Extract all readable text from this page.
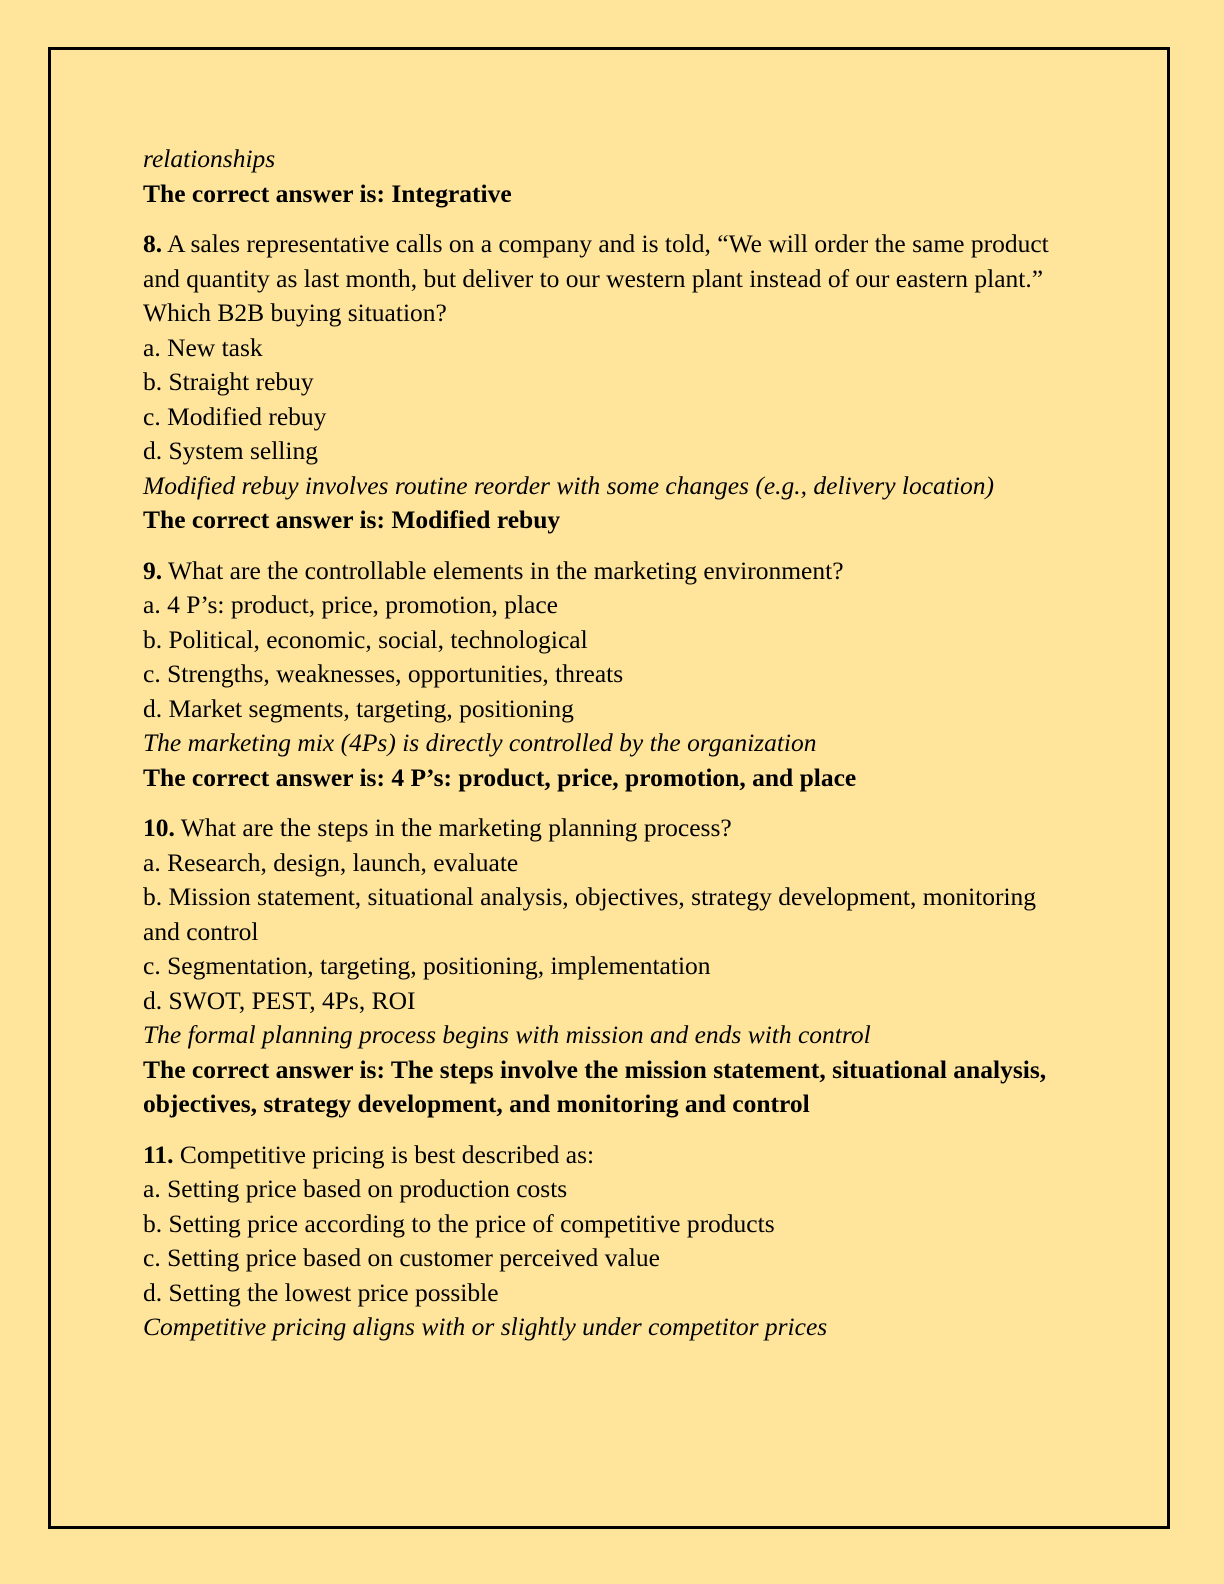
relationships
The correct answer is: Integrative
8. A sales representative calls on a company and is told, “We will order the same product and quantity as last month, but deliver to our western plant instead of our eastern plant.” Which B2B buying situation?
a. New task
b. Straight rebuy
c. Modified rebuy
d. System selling
Modified rebuy involves routine reorder with some changes (e.g., delivery location)
The correct answer is: Modified rebuy
9. What are the controllable elements in the marketing environment?
a. 4 P’s: product, price, promotion, place
b. Political, economic, social, technological
c. Strengths, weaknesses, opportunities, threats
d. Market segments, targeting, positioning
The marketing mix (4Ps) is directly controlled by the organization
The correct answer is: 4 P’s: product, price, promotion, and place
10. What are the steps in the marketing planning process?
a. Research, design, launch, evaluate
b. Mission statement, situational analysis, objectives, strategy development, monitoring and control
c. Segmentation, targeting, positioning, implementation
d. SWOT, PEST, 4Ps, ROI
The formal planning process begins with mission and ends with control
The correct answer is: The steps involve the mission statement, situational analysis, objectives, strategy development, and monitoring and control
11. Competitive pricing is best described as:
a. Setting price based on production costs
b. Setting price according to the price of competitive products
c. Setting price based on customer perceived value
d. Setting the lowest price possible
Competitive pricing aligns with or slightly under competitor prices
